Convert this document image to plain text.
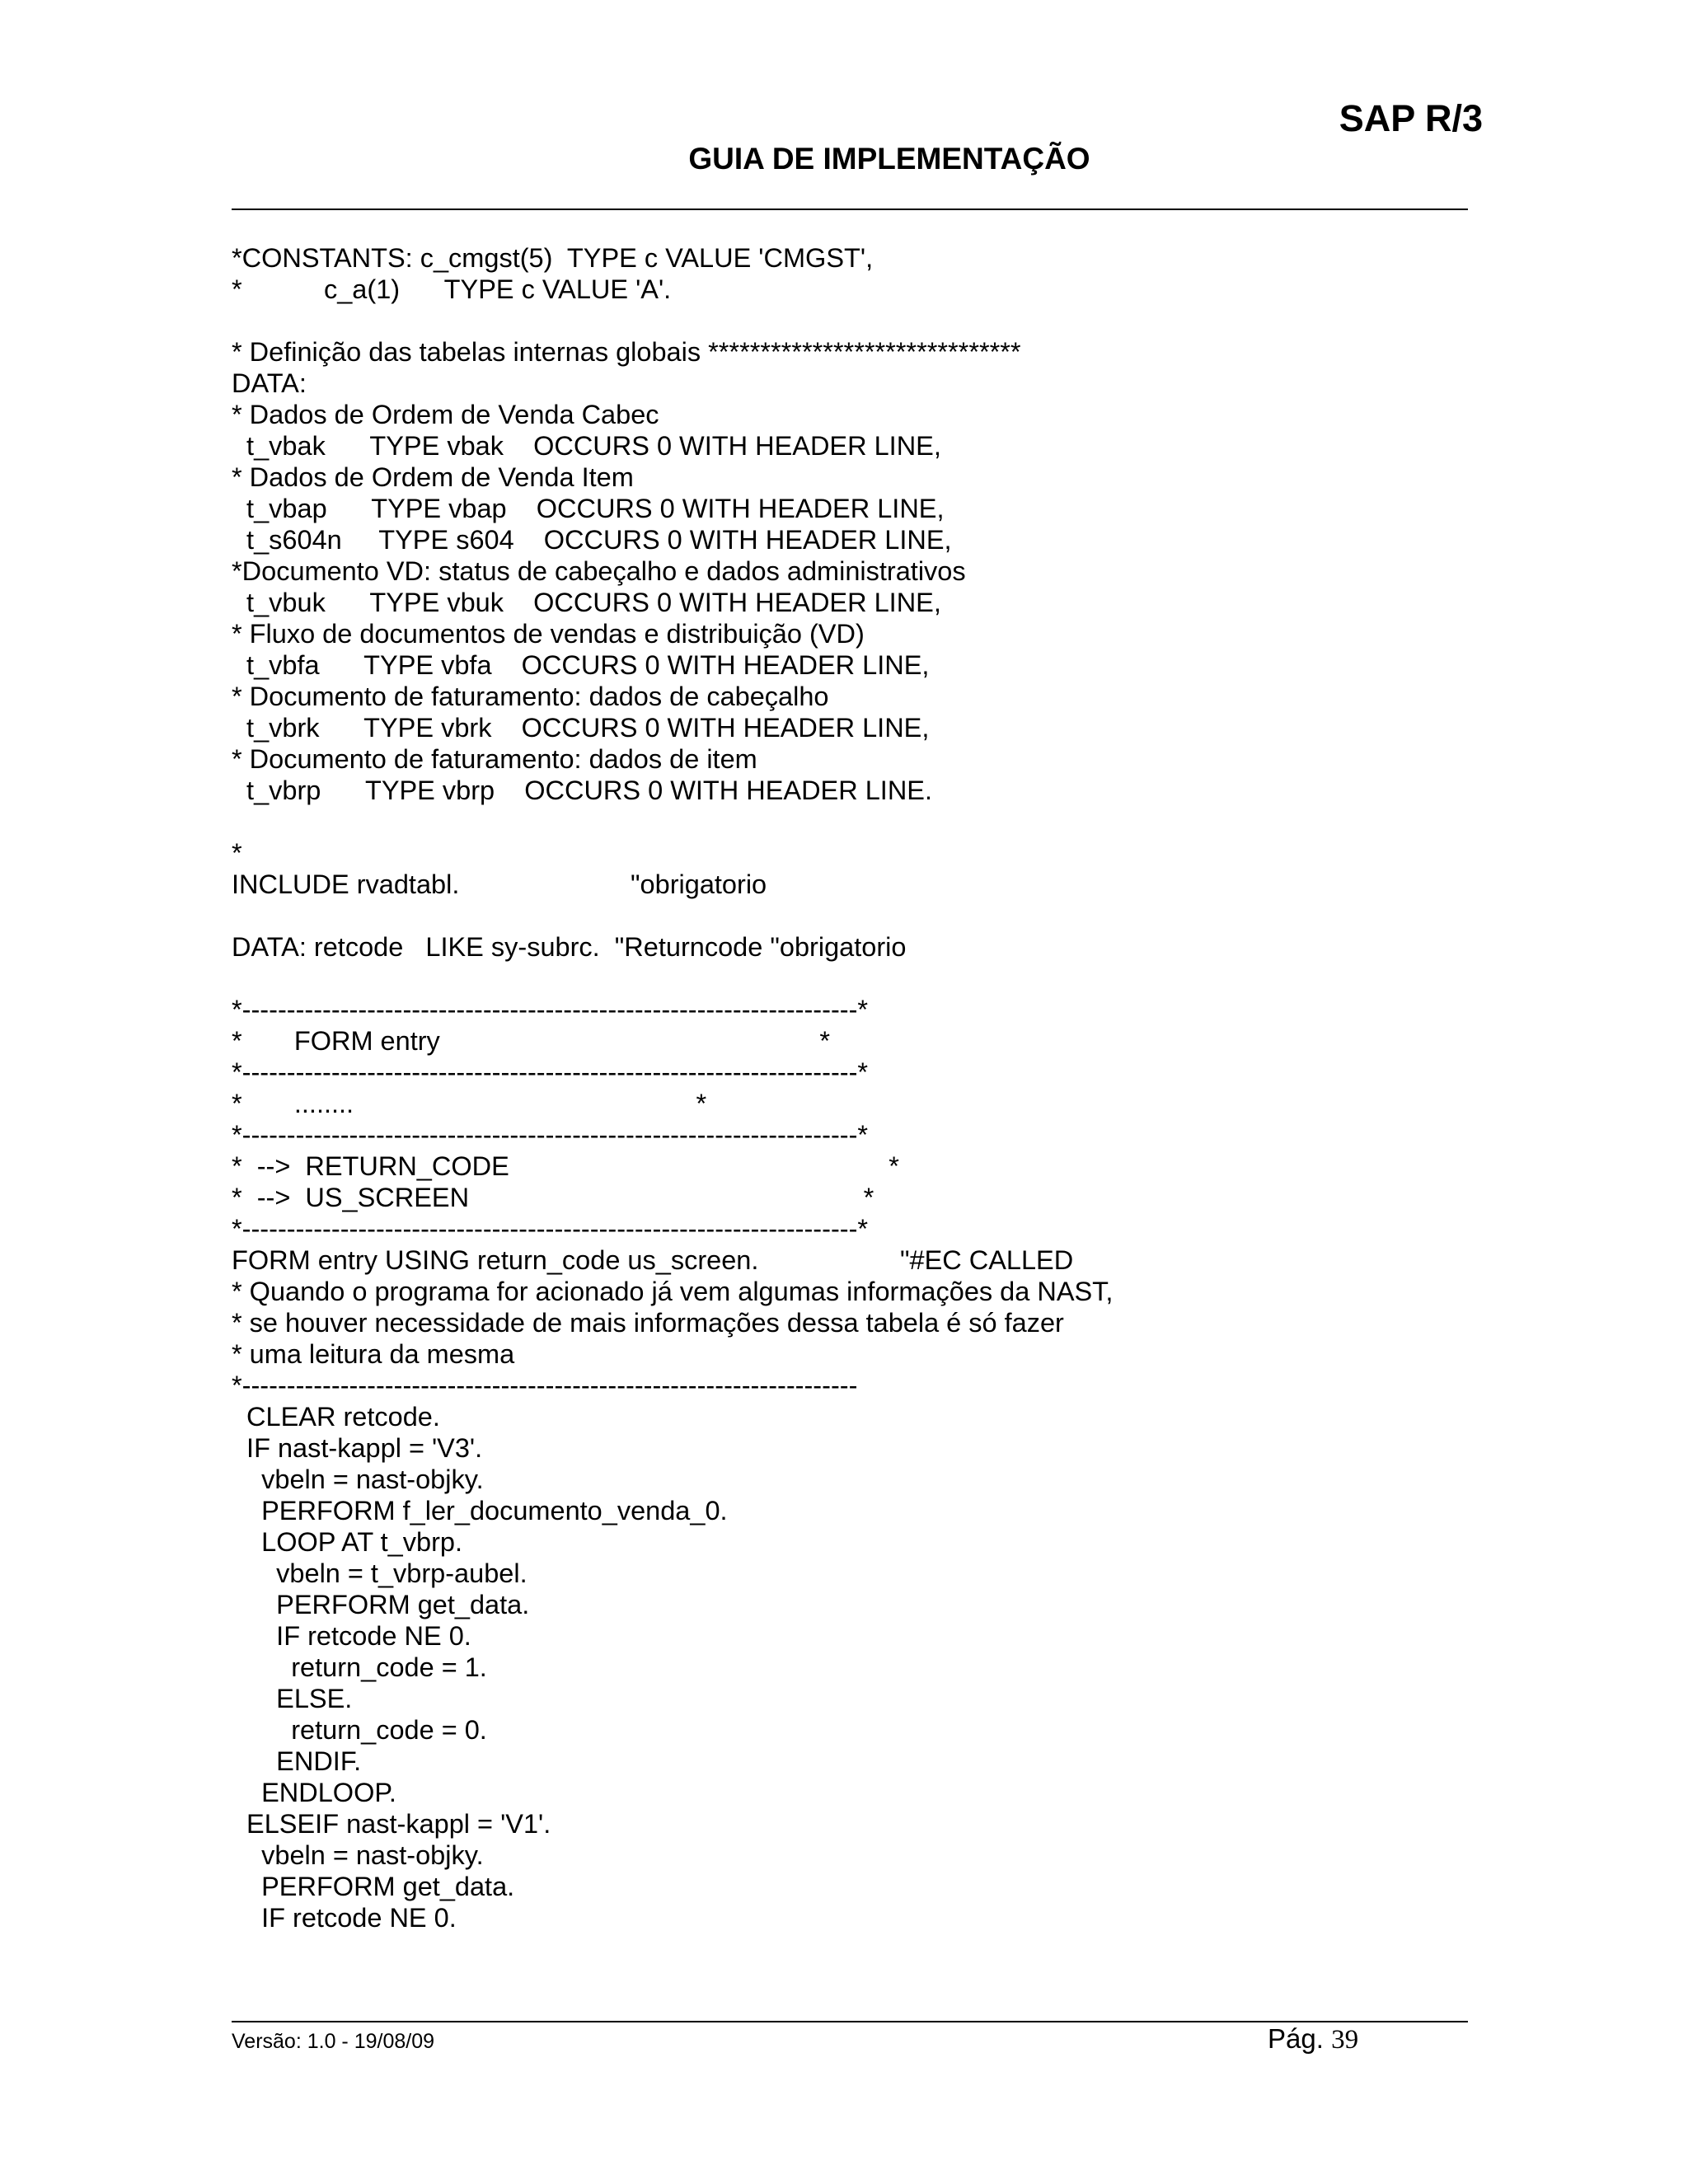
SAP R/3
GUIA DE IMPLEMENTAÇÃO
*CONSTANTS: c_cmgst(5)  TYPE c VALUE 'CMGST',
*           c_a(1)      TYPE c VALUE 'A'.
* Definição das tabelas internas globais ******************************
DATA:
* Dados de Ordem de Venda Cabec
t_vbak      TYPE vbak    OCCURS 0 WITH HEADER LINE,
* Dados de Ordem de Venda Item
t_vbap      TYPE vbap    OCCURS 0 WITH HEADER LINE,
t_s604n     TYPE s604    OCCURS 0 WITH HEADER LINE,
*Documento VD: status de cabeçalho e dados administrativos
t_vbuk      TYPE vbuk    OCCURS 0 WITH HEADER LINE,
* Fluxo de documentos de vendas e distribuição (VD)
t_vbfa      TYPE vbfa    OCCURS 0 WITH HEADER LINE,
* Documento de faturamento: dados de cabeçalho
t_vbrk      TYPE vbrk    OCCURS 0 WITH HEADER LINE,
* Documento de faturamento: dados de item
t_vbrp      TYPE vbrp    OCCURS 0 WITH HEADER LINE.
*
INCLUDE rvadtabl.                       "obrigatorio
DATA: retcode   LIKE sy-subrc.  "Returncode "obrigatorio
*---------------------------------------------------------------------*
*       FORM entry                                                   *
*---------------------------------------------------------------------*
*       ........                                              *
*---------------------------------------------------------------------*
*  -->  RETURN_CODE                                                   *
*  -->  US_SCREEN                                                     *
*---------------------------------------------------------------------*
FORM entry USING return_code us_screen.                   "#EC CALLED
* Quando o programa for acionado já vem algumas informações da NAST,
* se houver necessidade de mais informações dessa tabela é só fazer
* uma leitura da mesma
*---------------------------------------------------------------------
CLEAR retcode.
IF nast-kappl = 'V3'.
vbeln = nast-objky.
PERFORM f_ler_documento_venda_0.
LOOP AT t_vbrp.
vbeln = t_vbrp-aubel.
PERFORM get_data.
IF retcode NE 0.
return_code = 1.
ELSE.
return_code = 0.
ENDIF.
ENDLOOP.
ELSEIF nast-kappl = 'V1'.
vbeln = nast-objky.
PERFORM get_data.
IF retcode NE 0.
Versão: 1.0 - 19/08/09	Pág. 39
